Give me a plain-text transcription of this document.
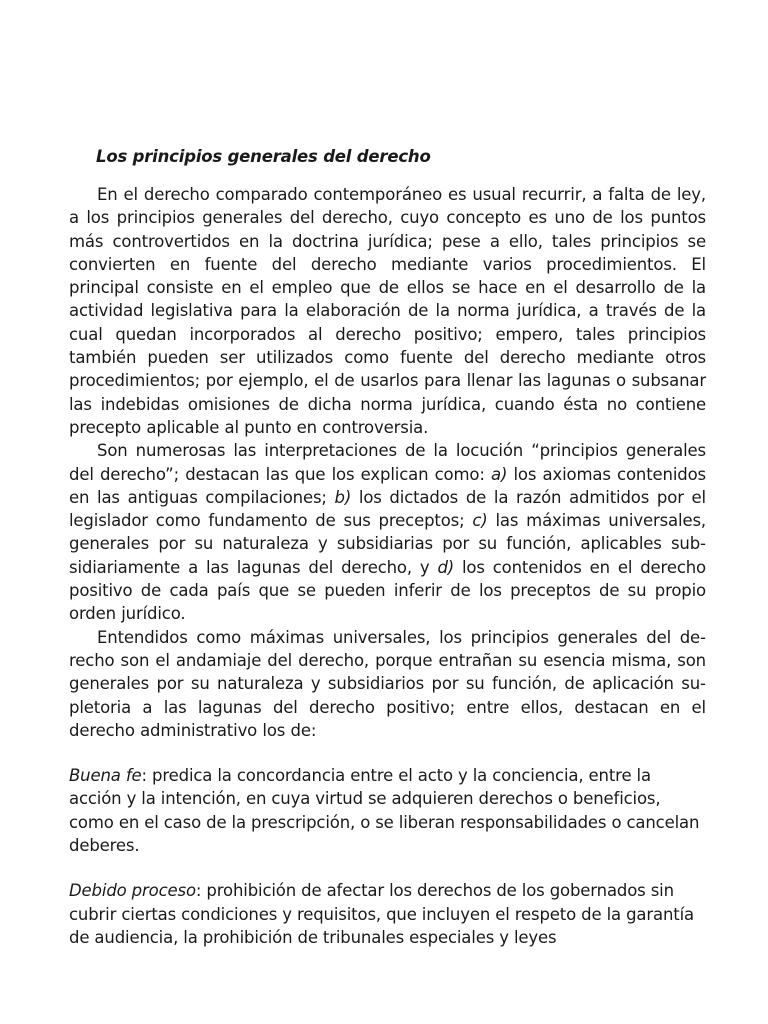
Los principios generales del derecho

En el derecho comparado contemporáneo es usual recurrir, a falta de ley, a los principios generales del derecho, cuyo concepto es uno de los puntos más controvertidos en la doctrina jurídica; pese a ello, tales principios se convierten en fuente del derecho mediante varios procedimientos. El principal consiste en el empleo que de ellos se hace en el desarrollo de la actividad legislativa para la elaboración de la norma jurídica, a través de la cual quedan incorporados al derecho positivo; empero, tales principios también pueden ser utilizados como fuente del derecho mediante otros procedimientos; por ejemplo, el de usarlos para llenar las lagunas o subsanar las indebidas omisiones de dicha norma jurídica, cuando ésta no contiene precepto aplicable al punto en controversia.

Son numerosas las interpretaciones de la locución “principios generales del derecho”; destacan las que los explican como: a) los axiomas contenidos en las antiguas compilaciones; b) los dictados de la razón admitidos por el legislador como fundamento de sus preceptos; c) las máximas universales, generales por su naturaleza y subsidiarias por su función, aplicables subsidiariamente a las lagunas del derecho, y d) los contenidos en el derecho positivo de cada país que se pueden inferir de los preceptos de su propio orden jurídico.

Entendidos como máximas universales, los principios generales del derecho son el andamiaje del derecho, porque entrañan su esencia misma, son generales por su naturaleza y subsidiarios por su función, de aplicación supletoria a las lagunas del derecho positivo; entre ellos, destacan en el derecho administrativo los de:

Buena fe: predica la concordancia entre el acto y la conciencia, entre la acción y la intención, en cuya virtud se adquieren derechos o beneficios, como en el caso de la prescripción, o se liberan responsabilidades o cancelan deberes.

Debido proceso: prohibición de afectar los derechos de los gobernados sin cubrir ciertas condiciones y requisitos, que incluyen el respeto de la garantía de audiencia, la prohibición de tribunales especiales y leyes
